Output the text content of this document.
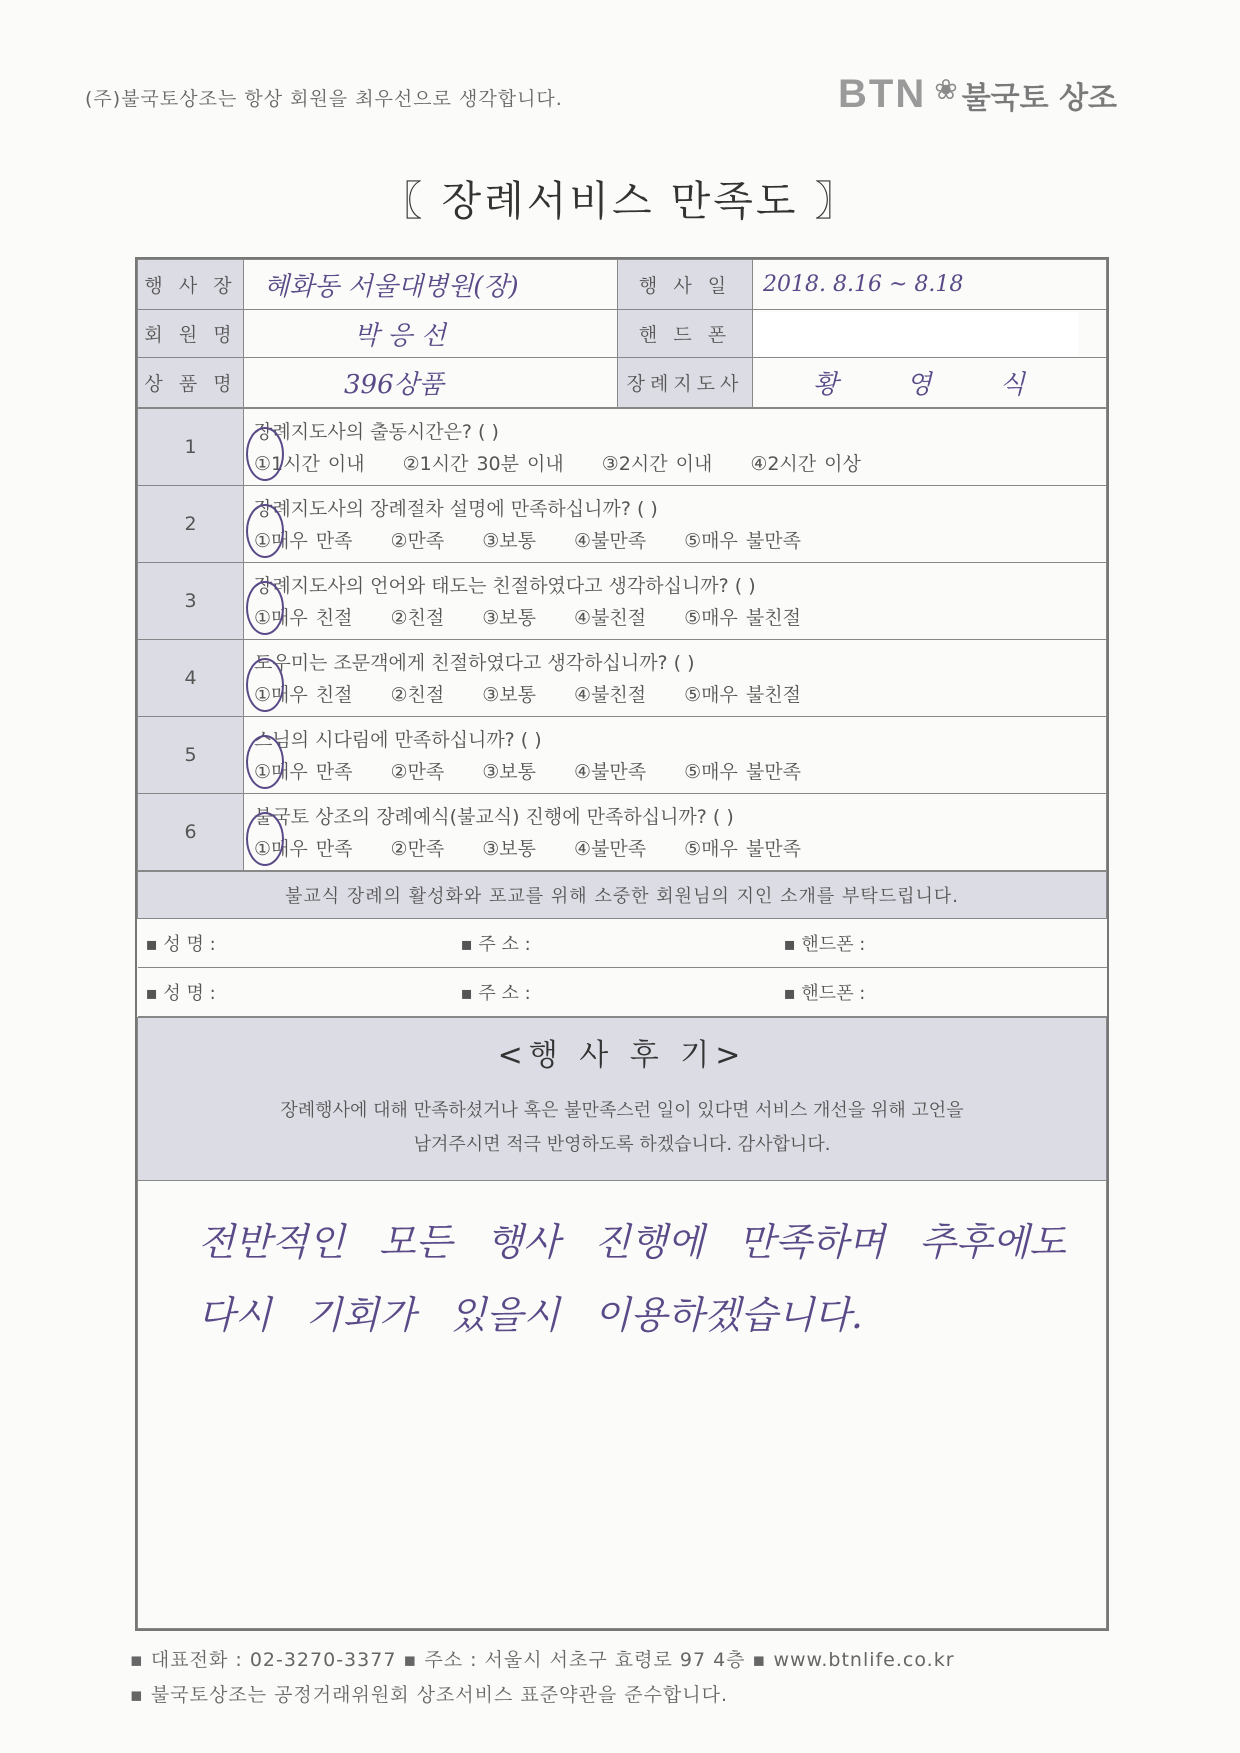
(주)불국토상조는 항상 회원을 최우선으로 생각합니다.	BTN ❀ 불국토 상조
〖 장례서비스 만족도 〗
행 사 장	혜화동 서울대병원(장)	행 사 일	2018. 8.16 ~ 8.18
회 원 명	박 응 선	핸 드 폰	

상 품 명	396상품	장례지도사	황 영 식
1	장례지도사의 출동시간은? ( )
①1시간 이내 ②1시간 30분 이내 ③2시간 이내 ④2시간 이상

2	장례지도사의 장례절차 설명에 만족하십니까? ( )
①매우 만족 ②만족 ③보통 ④불만족 ⑤매우 불만족

3	장례지도사의 언어와 태도는 친절하였다고 생각하십니까? ( )
①매우 친절 ②친절 ③보통 ④불친절 ⑤매우 불친절

4	도우미는 조문객에게 친절하였다고 생각하십니까? ( )
①매우 친절 ②친절 ③보통 ④불친절 ⑤매우 불친절

5	스님의 시다림에 만족하십니까? ( )
①매우 만족 ②만족 ③보통 ④불만족 ⑤매우 불만족

6	불국토 상조의 장례예식(불교식) 진행에 만족하십니까? ( )
①매우 만족 ②만족 ③보통 ④불만족 ⑤매우 불만족
불교식 장례의 활성화와 포교를 위해 소중한 회원님의 지인 소개를 부탁드립니다.		
▪ 성 명 :	▪ 주 소 :	▪ 핸드폰 :
▪ 성 명 :	▪ 주 소 :	▪ 핸드폰 :
<행 사 후 기>
장례행사에 대해 만족하셨거나 혹은 불만족스런 일이 있다면 서비스 개선을 위해 고언을
남겨주시면 적극 반영하도록 하겠습니다. 감사합니다.

전반적인 모든 행사 진행에 만족하며 추후에도
다시 기회가 있을시 이용하겠습니다.
▪ 대표전화 : 02-3270-3377 ▪ 주소 : 서울시 서초구 효령로 97 4층 ▪ www.btnlife.co.kr
▪ 불국토상조는 공정거래위원회 상조서비스 표준약관을 준수합니다.
